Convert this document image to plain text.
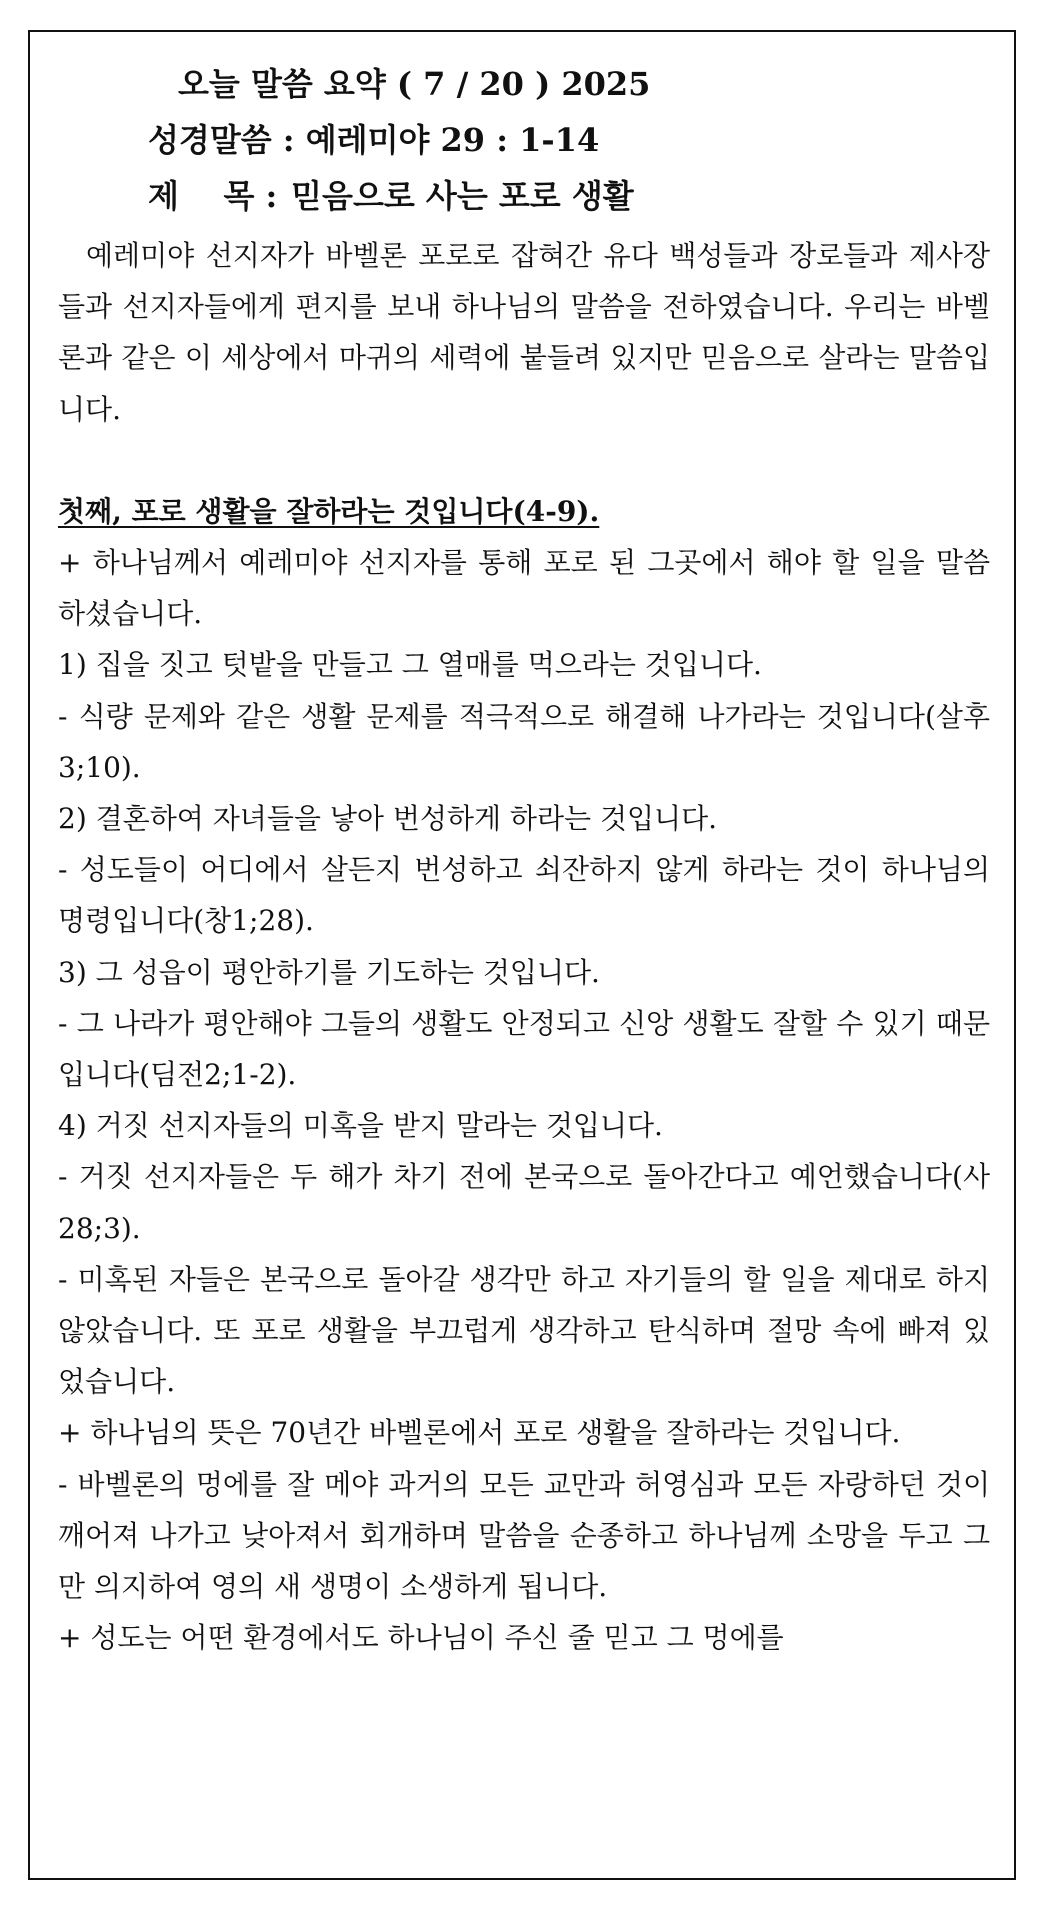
오늘 말씀 요약 ( 7 / 20 ) 2025
성경말씀 : 예레미야 29 : 1-14
제    목 : 믿음으로 사는 포로 생활

예레미야 선지자가 바벨론 포로로 잡혀간 유다 백성들과 장로들과 제사장들과 선지자들에게 편지를 보내 하나님의 말씀을 전하였습니다. 우리는 바벨론과 같은 이 세상에서 마귀의 세력에 붙들려 있지만 믿음으로 살라는 말씀입니다.

첫째, 포로 생활을 잘하라는 것입니다(4-9).

+ 하나님께서 예레미야 선지자를 통해 포로 된 그곳에서 해야 할 일을 말씀하셨습니다.

1) 집을 짓고 텃밭을 만들고 그 열매를 먹으라는 것입니다.

- 식량 문제와 같은 생활 문제를 적극적으로 해결해 나가라는 것입니다(살후3;10).

2) 결혼하여 자녀들을 낳아 번성하게 하라는 것입니다.

- 성도들이 어디에서 살든지 번성하고 쇠잔하지 않게 하라는 것이 하나님의 명령입니다(창1;28).

3) 그 성읍이 평안하기를 기도하는 것입니다.

- 그 나라가 평안해야 그들의 생활도 안정되고 신앙 생활도 잘할 수 있기 때문입니다(딤전2;1-2).

4) 거짓 선지자들의 미혹을 받지 말라는 것입니다.

- 거짓 선지자들은 두 해가 차기 전에 본국으로 돌아간다고 예언했습니다(사28;3).

- 미혹된 자들은 본국으로 돌아갈 생각만 하고 자기들의 할 일을 제대로 하지 않았습니다. 또 포로 생활을 부끄럽게 생각하고 탄식하며 절망 속에 빠져 있었습니다.

+ 하나님의 뜻은 70년간 바벨론에서 포로 생활을 잘하라는 것입니다.

- 바벨론의 멍에를 잘 메야 과거의 모든 교만과 허영심과 모든 자랑하던 것이 깨어져 나가고 낮아져서 회개하며 말씀을 순종하고 하나님께 소망을 두고 그만 의지하여 영의 새 생명이 소생하게 됩니다.

+ 성도는 어떤 환경에서도 하나님이 주신 줄 믿고 그 멍에를
